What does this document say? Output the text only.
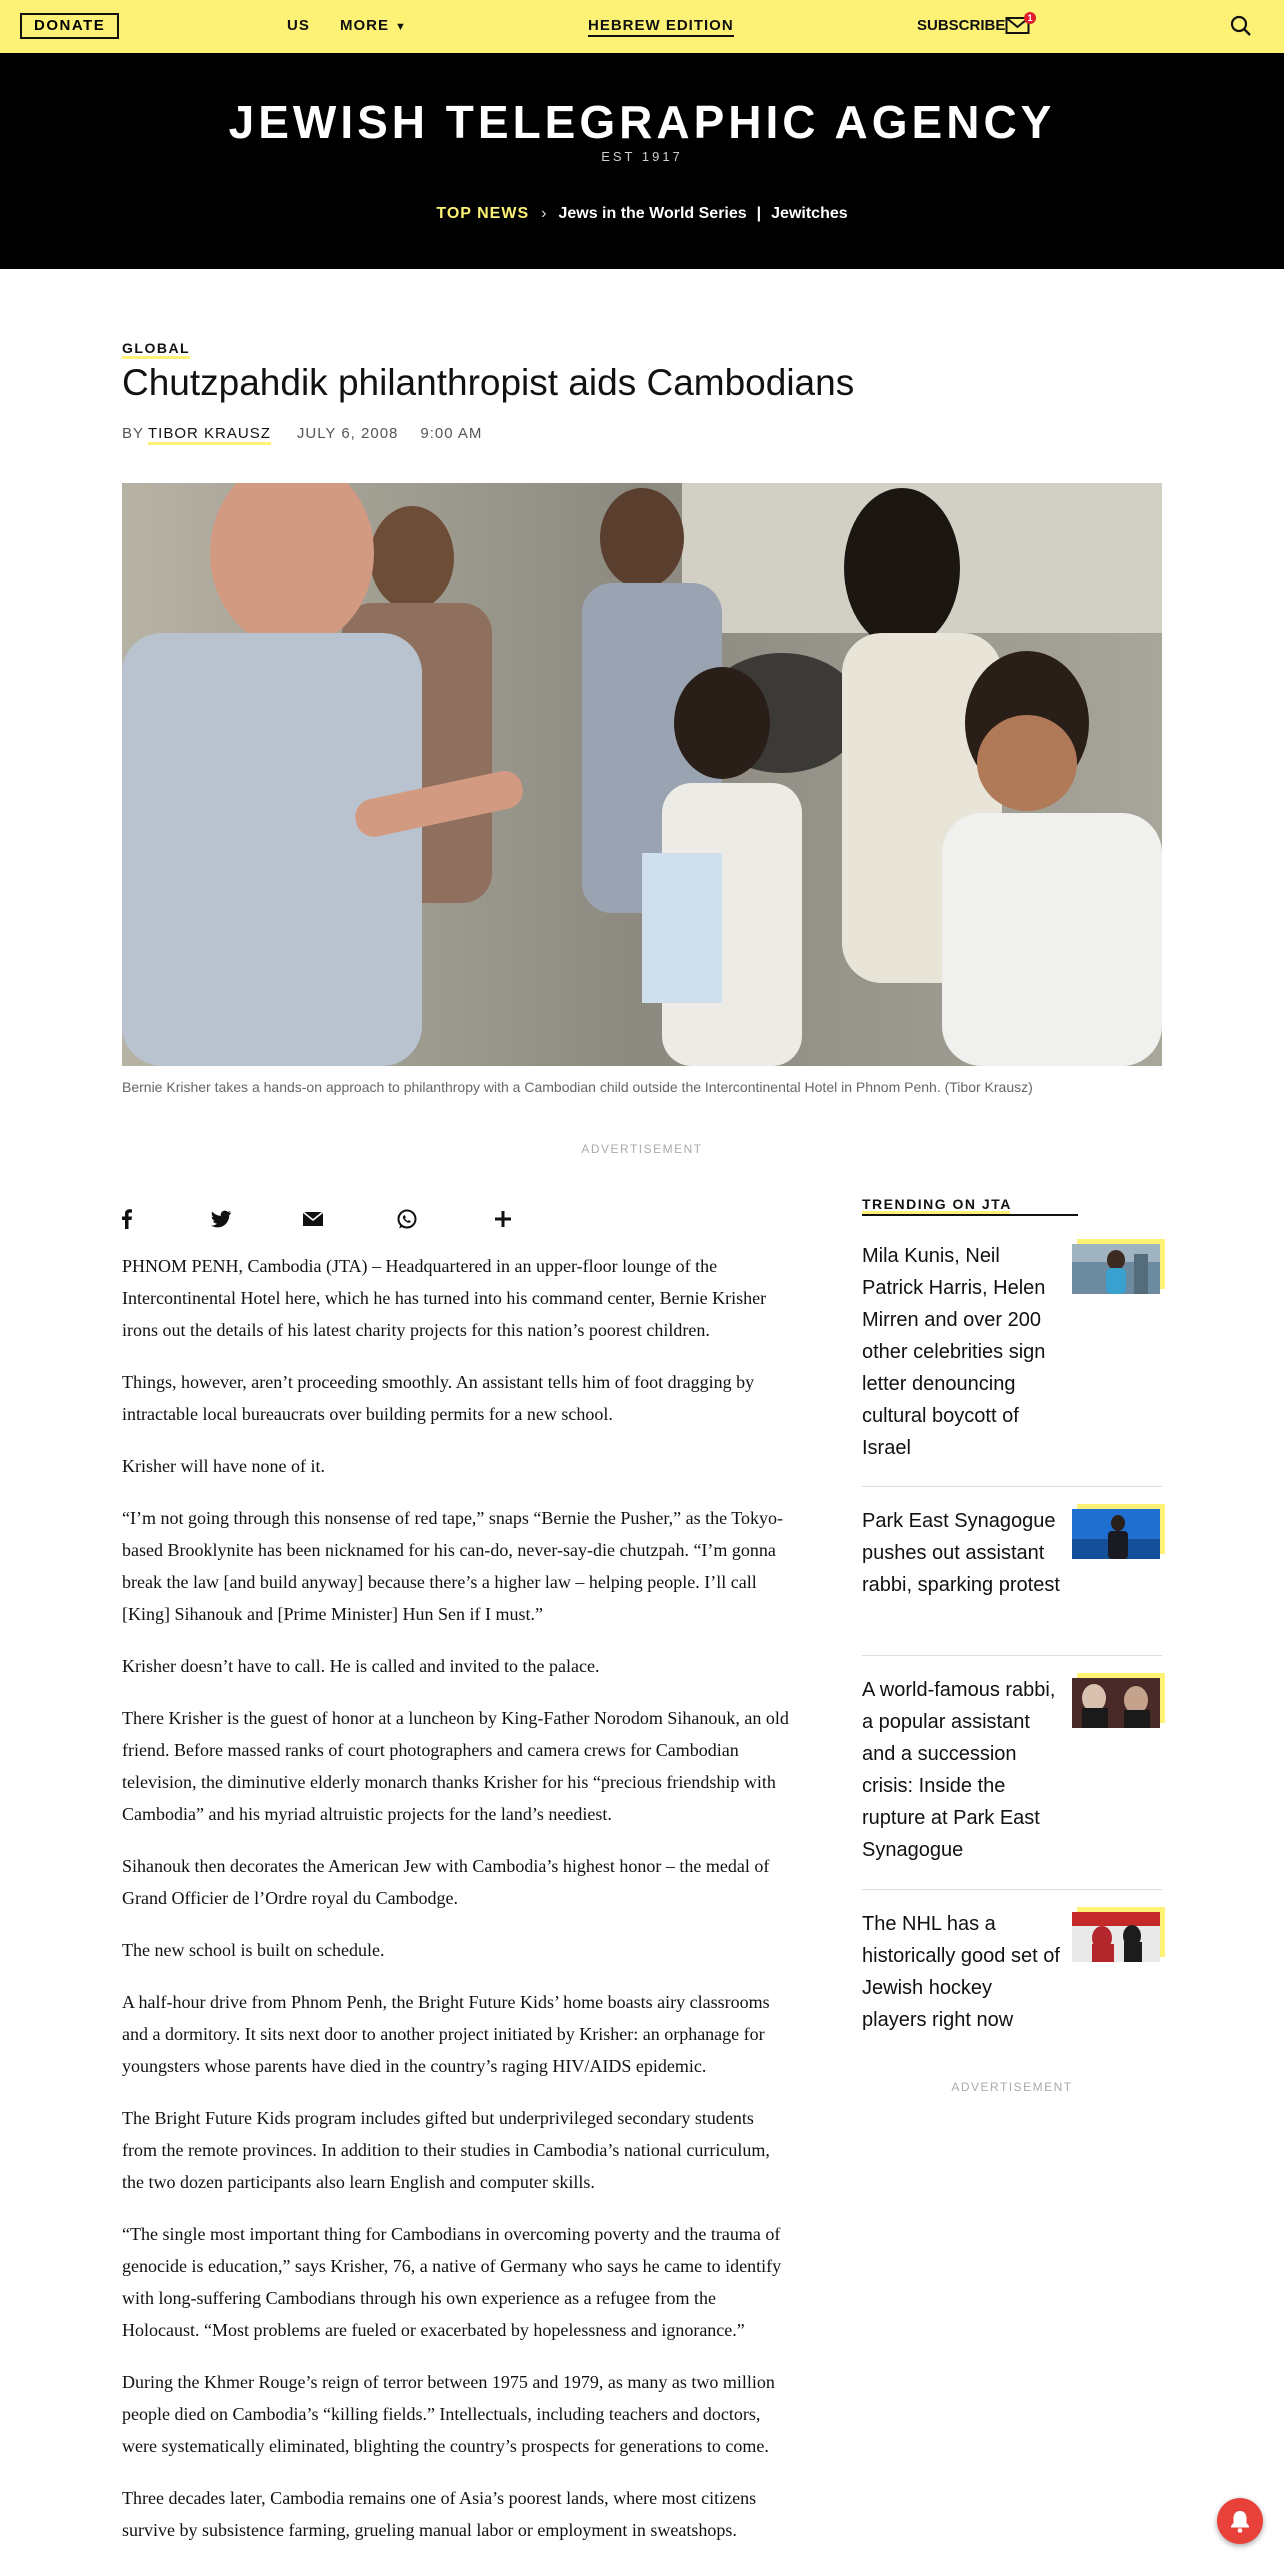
DONATE	US MORE ▼	HEBREW EDITION	SUBSCRIBE	1
JEWISH TELEGRAPHIC AGENCY
EST 1917
TOP NEWS › Jews in the World Series | Jewitches
GLOBAL
Chutzpahdik philanthropist aids Cambodians
BY TIBOR KRAUSZ JULY 6, 2008 9:00 AM
Bernie Krisher takes a hands-on approach to philanthropy with a Cambodian child outside the Intercontinental Hotel in Phnom Penh. (Tibor Krausz)
ADVERTISEMENT

PHNOM PENH, Cambodia (JTA) – Headquartered in an upper-floor lounge of the Intercontinental Hotel here, which he has turned into his command center, Bernie Krisher irons out the details of his latest charity projects for this nation’s poorest children.

Things, however, aren’t proceeding smoothly. An assistant tells him of foot dragging by intractable local bureaucrats over building permits for a new school.

Krisher will have none of it.

“I’m not going through this nonsense of red tape,” snaps “Bernie the Pusher,” as the Tokyo-based Brooklynite has been nicknamed for his can-do, never-say-die chutzpah. “I’m gonna break the law [and build anyway] because there’s a higher law – helping people. I’ll call [King] Sihanouk and [Prime Minister] Hun Sen if I must.”

Krisher doesn’t have to call. He is called and invited to the palace.

There Krisher is the guest of honor at a luncheon by King-Father Norodom Sihanouk, an old friend. Before massed ranks of court photographers and camera crews for Cambodian television, the diminutive elderly monarch thanks Krisher for his “precious friendship with Cambodia” and his myriad altruistic projects for the land’s neediest.

Sihanouk then decorates the American Jew with Cambodia’s highest honor – the medal of Grand Officier de l’Ordre royal du Cambodge.

The new school is built on schedule.

A half-hour drive from Phnom Penh, the Bright Future Kids’ home boasts airy classrooms and a dormitory. It sits next door to another project initiated by Krisher: an orphanage for youngsters whose parents have died in the country’s raging HIV/AIDS epidemic.

The Bright Future Kids program includes gifted but underprivileged secondary students from the remote provinces. In addition to their studies in Cambodia’s national curriculum, the two dozen participants also learn English and computer skills.

“The single most important thing for Cambodians in overcoming poverty and the trauma of genocide is education,” says Krisher, 76, a native of Germany who says he came to identify with long-suffering Cambodians through his own experience as a refugee from the Holocaust. “Most problems are fueled or exacerbated by hopelessness and ignorance.”

During the Khmer Rouge’s reign of terror between 1975 and 1979, as many as two million people died on Cambodia’s “killing fields.” Intellectuals, including teachers and doctors, were systematically eliminated, blighting the country’s prospects for generations to come.

Three decades later, Cambodia remains one of Asia’s poorest lands, where most citizens survive by subsistence farming, grueling manual labor or employment in sweatshops.

TRENDING ON JTA
Mila Kunis, Neil Patrick Harris, Helen Mirren and over 200 other celebrities sign letter denouncing cultural boycott of Israel
Park East Synagogue pushes out assistant rabbi, sparking protest
A world-famous rabbi, a popular assistant and a succession crisis: Inside the rupture at Park East Synagogue
The NHL has a historically good set of Jewish hockey players right now
ADVERTISEMENT
